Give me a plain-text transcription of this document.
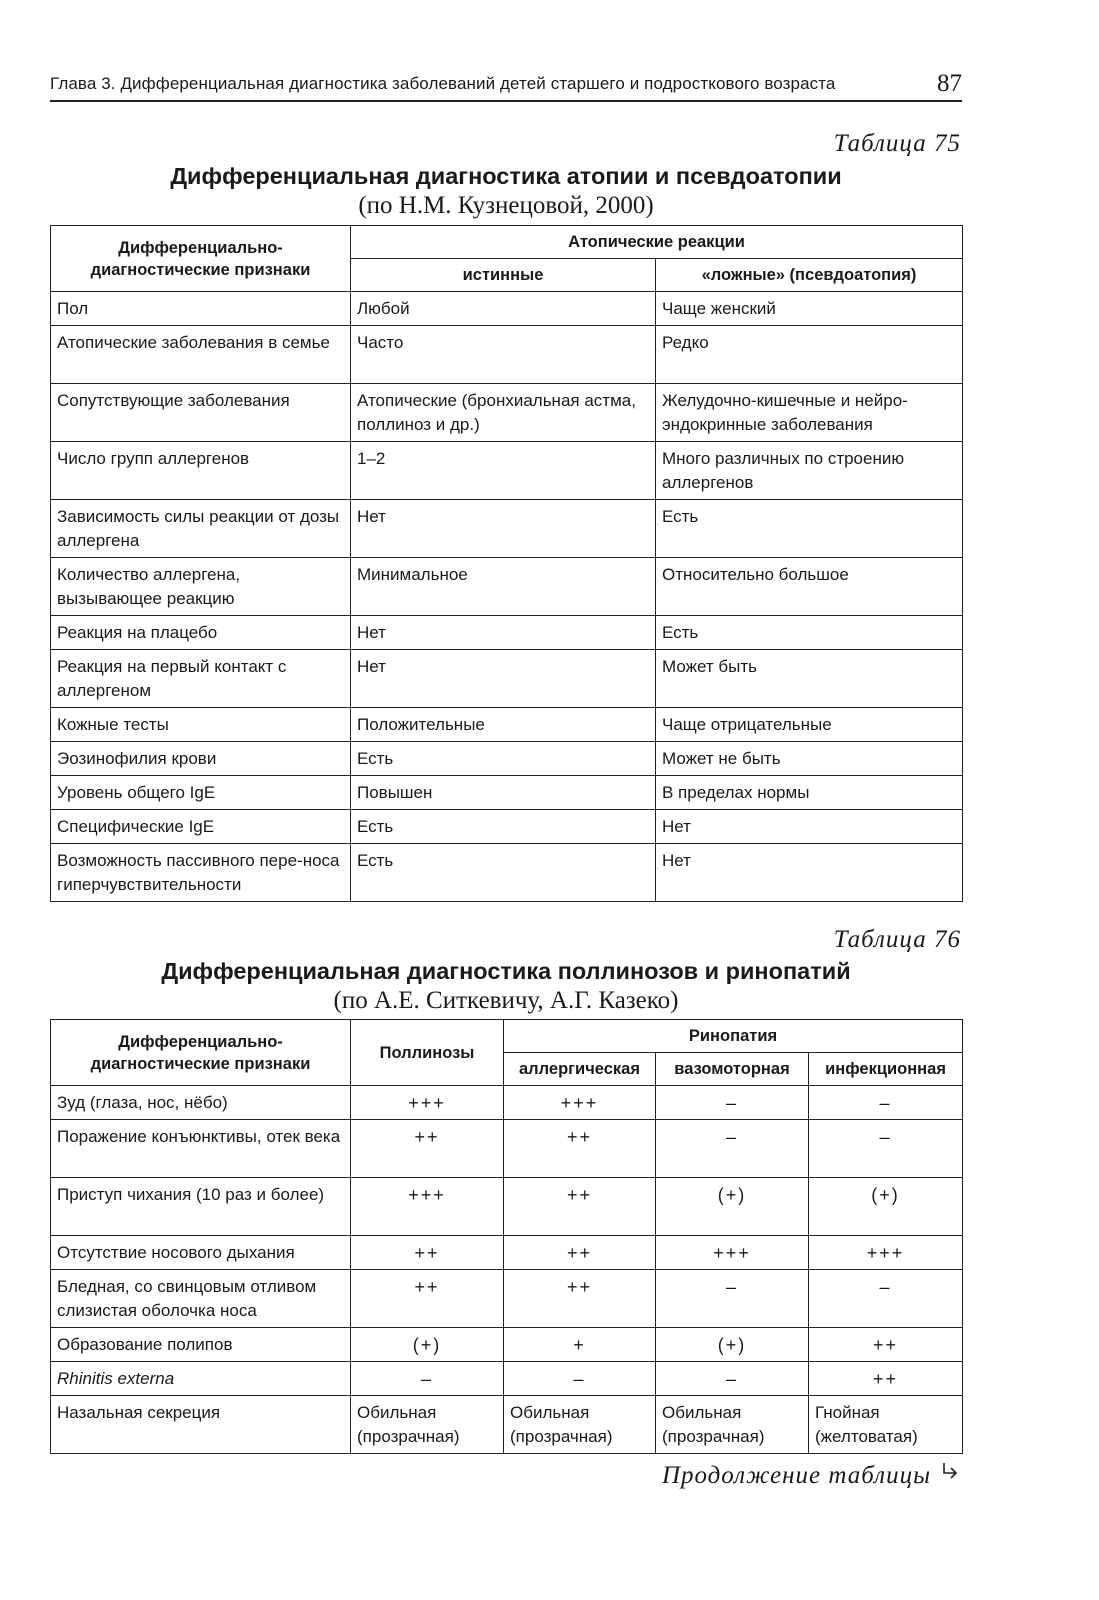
Глава 3. Дифференциальная диагностика заболеваний детей старшего и подросткового возраста	87
Таблица 75
Дифференциальная диагностика атопии и псевдоатопии
(по Н.М. Кузнецовой, 2000)
Дифференциально-диагностические признаки	Атопические реакции	
	истинные	«ложные» (псевдоатопия)
Пол	Любой	Чаще женский
Атопические заболевания в семье	Часто	Редко
Сопутствующие заболевания	Атопические (бронхиальная астма, поллиноз и др.)	Желудочно-кишечные и нейро-эндокринные заболевания
Число групп аллергенов	1–2	Много различных по строению аллергенов
Зависимость силы реакции от дозы аллергена	Нет	Есть
Количество аллергена, вызывающее реакцию	Минимальное	Относительно большое
Реакция на плацебо	Нет	Есть
Реакция на первый контакт с аллергеном	Нет	Может быть
Кожные тесты	Положительные	Чаще отрицательные
Эозинофилия крови	Есть	Может не быть
Уровень общего IgE	Повышен	В пределах нормы
Специфические IgE	Есть	Нет
Возможность пассивного пере-носа гиперчувствительности	Есть	Нет
Таблица 76
Дифференциальная диагностика поллинозов и ринопатий
(по А.Е. Ситкевичу, А.Г. Казеко)
Дифференциально-диагностические признаки	Поллинозы	Ринопатия		
		аллергическая	вазомоторная	инфекционная
Зуд (глаза, нос, нёбо)	+++	+++	–	–
Поражение конъюнктивы, отек века	++	++	–	–
Приступ чихания (10 раз и более)	+++	++	(+)	(+)
Отсутствие носового дыхания	++	++	+++	+++
Бледная, со свинцовым отливом слизистая оболочка носа	++	++	–	–
Образование полипов	(+)	+	(+)	++
Rhinitis externa	–	–	–	++
Назальная секреция	Обильная (прозрачная)	Обильная (прозрачная)	Обильная (прозрачная)	Гнойная (желтоватая)
Продолжение таблицы
